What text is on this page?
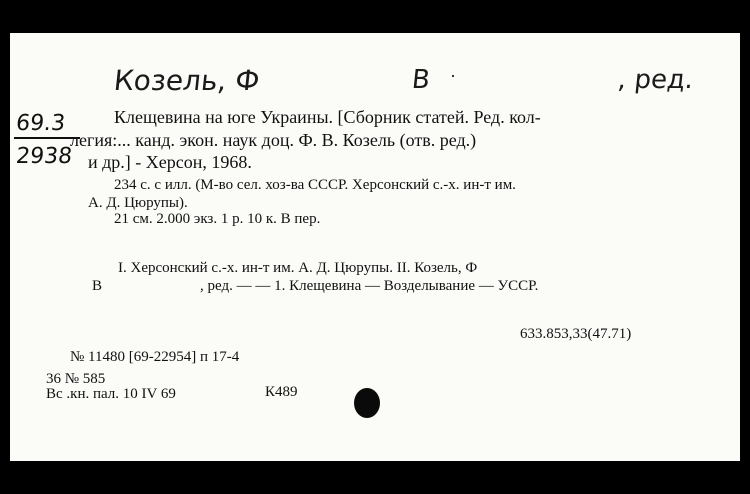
Козель, Ф	В ·	, ред.
69.3
2938
Клещевина на юге Украины. [Сборник статей. Ред. кол-
легия:... канд. экон. наук доц. Ф. В. Козель (отв. ред.)
и др.] - Херсон, 1968.
234 с. с илл. (М-во сел. хоз-ва СССР. Херсонский с.-х. ин-т им.
А. Д. Цюрупы).
21 см. 2.000 экз. 1 р. 10 к. В пер.
I. Херсонский с.-х. ин-т им. А. Д. Цюрупы. II. Козель, Ф
В	, ред. — — 1. Клещевина — Возделывание — УССР.
633.853,33(47.71)
№ 11480 [69-22954] п 17-4
36 № 585
Вс .кн. пал. 10 IV 69	К489
